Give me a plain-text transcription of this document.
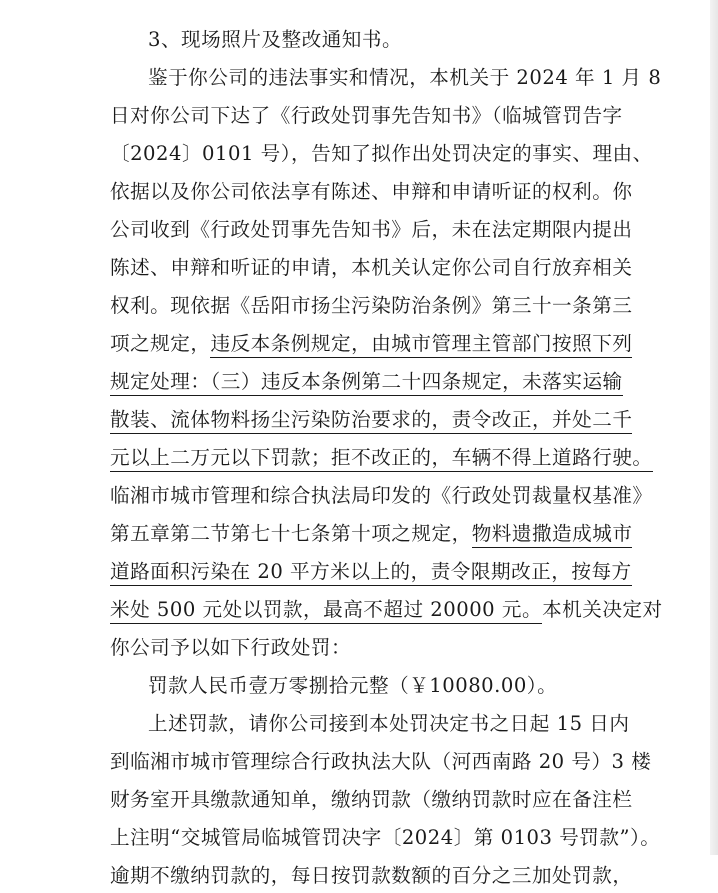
3、现场照片及整改通知书。
鉴于你公司的违法事实和情况，本机关于 2024 年 1 月 8
日对你公司下达了《行政处罚事先告知书》（临城管罚告字
〔2024〕0101 号），告知了拟作出处罚决定的事实、理由、
依据以及你公司依法享有陈述、申辩和申请听证的权利。你
公司收到《行政处罚事先告知书》后，未在法定期限内提出
陈述、申辩和听证的申请，本机关认定你公司自行放弃相关
权利。现依据《岳阳市扬尘污染防治条例》第三十一条第三
项之规定，违反本条例规定，由城市管理主管部门按照下列
规定处理：（三）违反本条例第二十四条规定，未落实运输
散装、流体物料扬尘污染防治要求的，责令改正，并处二千
元以上二万元以下罚款；拒不改正的，车辆不得上道路行驶。
临湘市城市管理和综合执法局印发的《行政处罚裁量权基准》
第五章第二节第七十七条第十项之规定，物料遗撒造成城市
道路面积污染在 20 平方米以上的，责令限期改正，按每方
米处 500 元处以罚款，最高不超过 20000 元。本机关决定对
你公司予以如下行政处罚：
罚款人民币壹万零捌拾元整（￥10080.00）。
上述罚款，请你公司接到本处罚决定书之日起 15 日内
到临湘市城市管理综合行政执法大队（河西南路 20 号）3 楼
财务室开具缴款通知单，缴纳罚款（缴纳罚款时应在备注栏
上注明“交城管局临城管罚决字〔2024〕第 0103 号罚款”）。
逾期不缴纳罚款的，每日按罚款数额的百分之三加处罚款，
